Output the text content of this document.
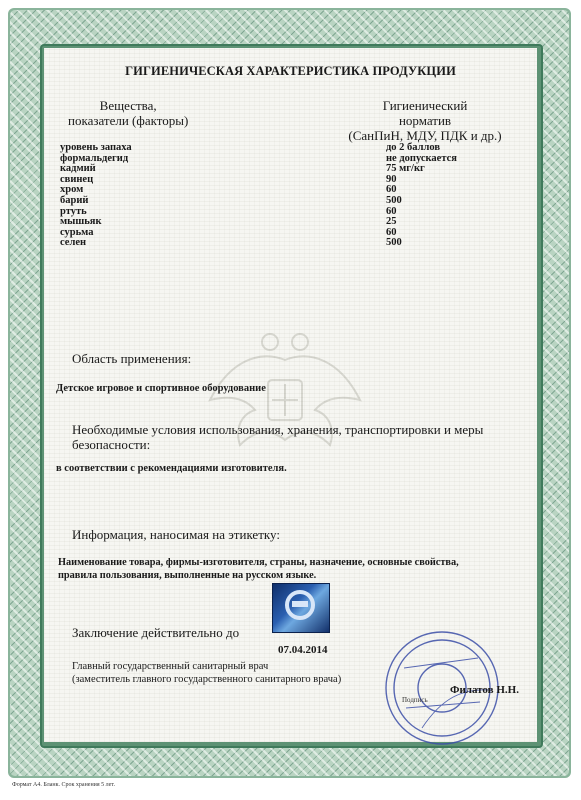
ГИГИЕНИЧЕСКАЯ ХАРАКТЕРИСТИКА ПРОДУКЦИИ
Вещества,
показатели (факторы)
Гигиенический
норматив
(СанПиН, МДУ, ПДК и др.)
уровень запаха	до 2 баллов
формальдегид	не допускается
кадмий	75 мг/кг
свинец	90
хром	60
барий	500
ртуть	60
мышьяк	25
сурьма	60
селен	500
Область применения:
Детское игровое и спортивное оборудование
Необходимые условия использования, хранения, транспортировки и меры
безопасности:
в соответствии с рекомендациями изготовителя.
Информация, наносимая на этикетку:
Наименование товара, фирмы-изготовителя, страны, назначение, основные свойства,
правила пользования, выполненные на русском языке.
Заключение действительно до
07.04.2014
Главный государственный санитарный врач
(заместитель главного государственного санитарного врача)
Филатов Н.Н.
Подпись
Формат А4. Бланк. Срок хранения 5 лет.
